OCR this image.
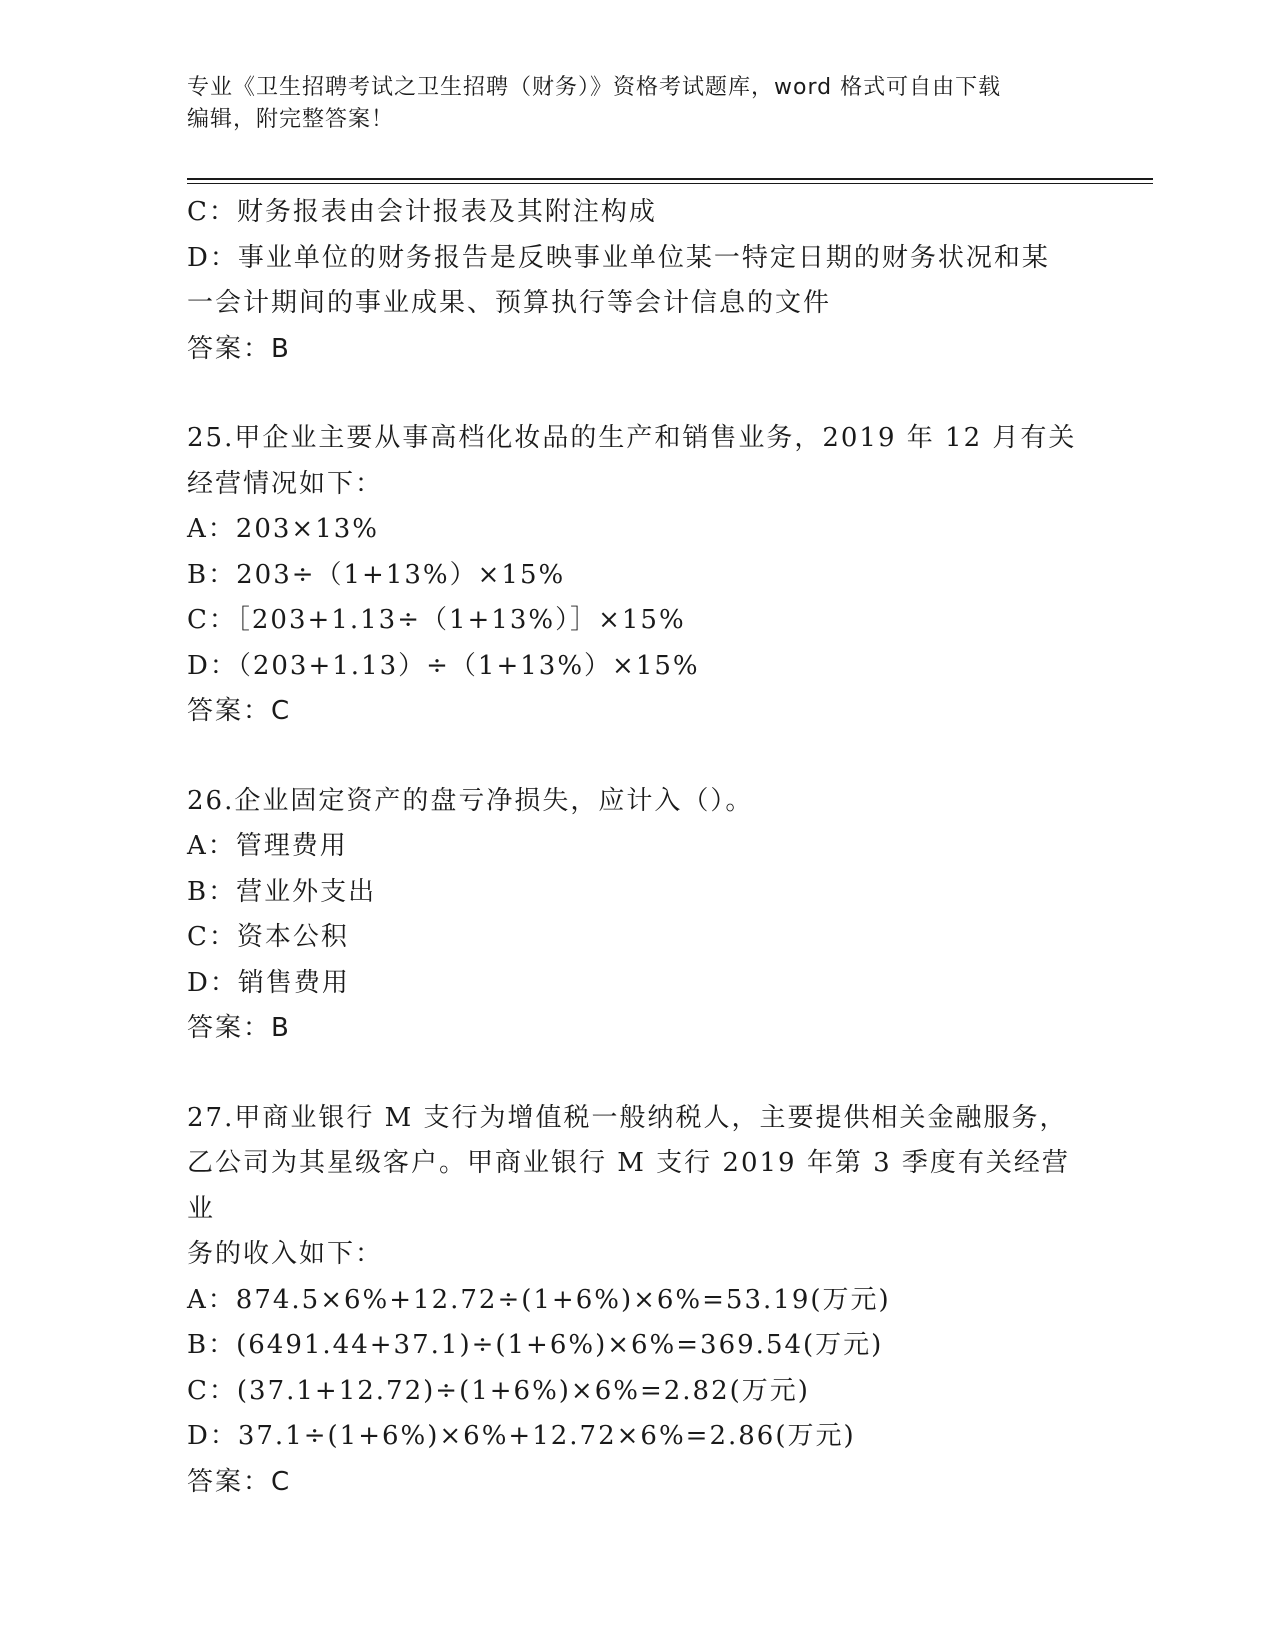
专业《卫生招聘考试之卫生招聘（财务）》资格考试题库，word 格式可自由下载
编辑，附完整答案！
C：财务报表由会计报表及其附注构成
D：事业单位的财务报告是反映事业单位某一特定日期的财务状况和某
一会计期间的事业成果、预算执行等会计信息的文件
答案：B
25.甲企业主要从事高档化妆品的生产和销售业务，2019 年 12 月有关
经营情况如下：
A：203×13%
B：203÷（1+13%）×15%
C：［203+1.13÷（1+13%）］×15%
D：（203+1.13）÷（1+13%）×15%
答案：C
26.企业固定资产的盘亏净损失，应计入（）。
A：管理费用
B：营业外支出
C：资本公积
D：销售费用
答案：B
27.甲商业银行 M 支行为增值税一般纳税人，主要提供相关金融服务，
乙公司为其星级客户。甲商业银行 M 支行 2019 年第 3 季度有关经营业
务的收入如下：
A：874.5×6%+12.72÷(1+6%)×6%=53.19(万元)
B：(6491.44+37.1)÷(1+6%)×6%=369.54(万元)
C：(37.1+12.72)÷(1+6%)×6%=2.82(万元)
D：37.1÷(1+6%)×6%+12.72×6%=2.86(万元)
答案：C
